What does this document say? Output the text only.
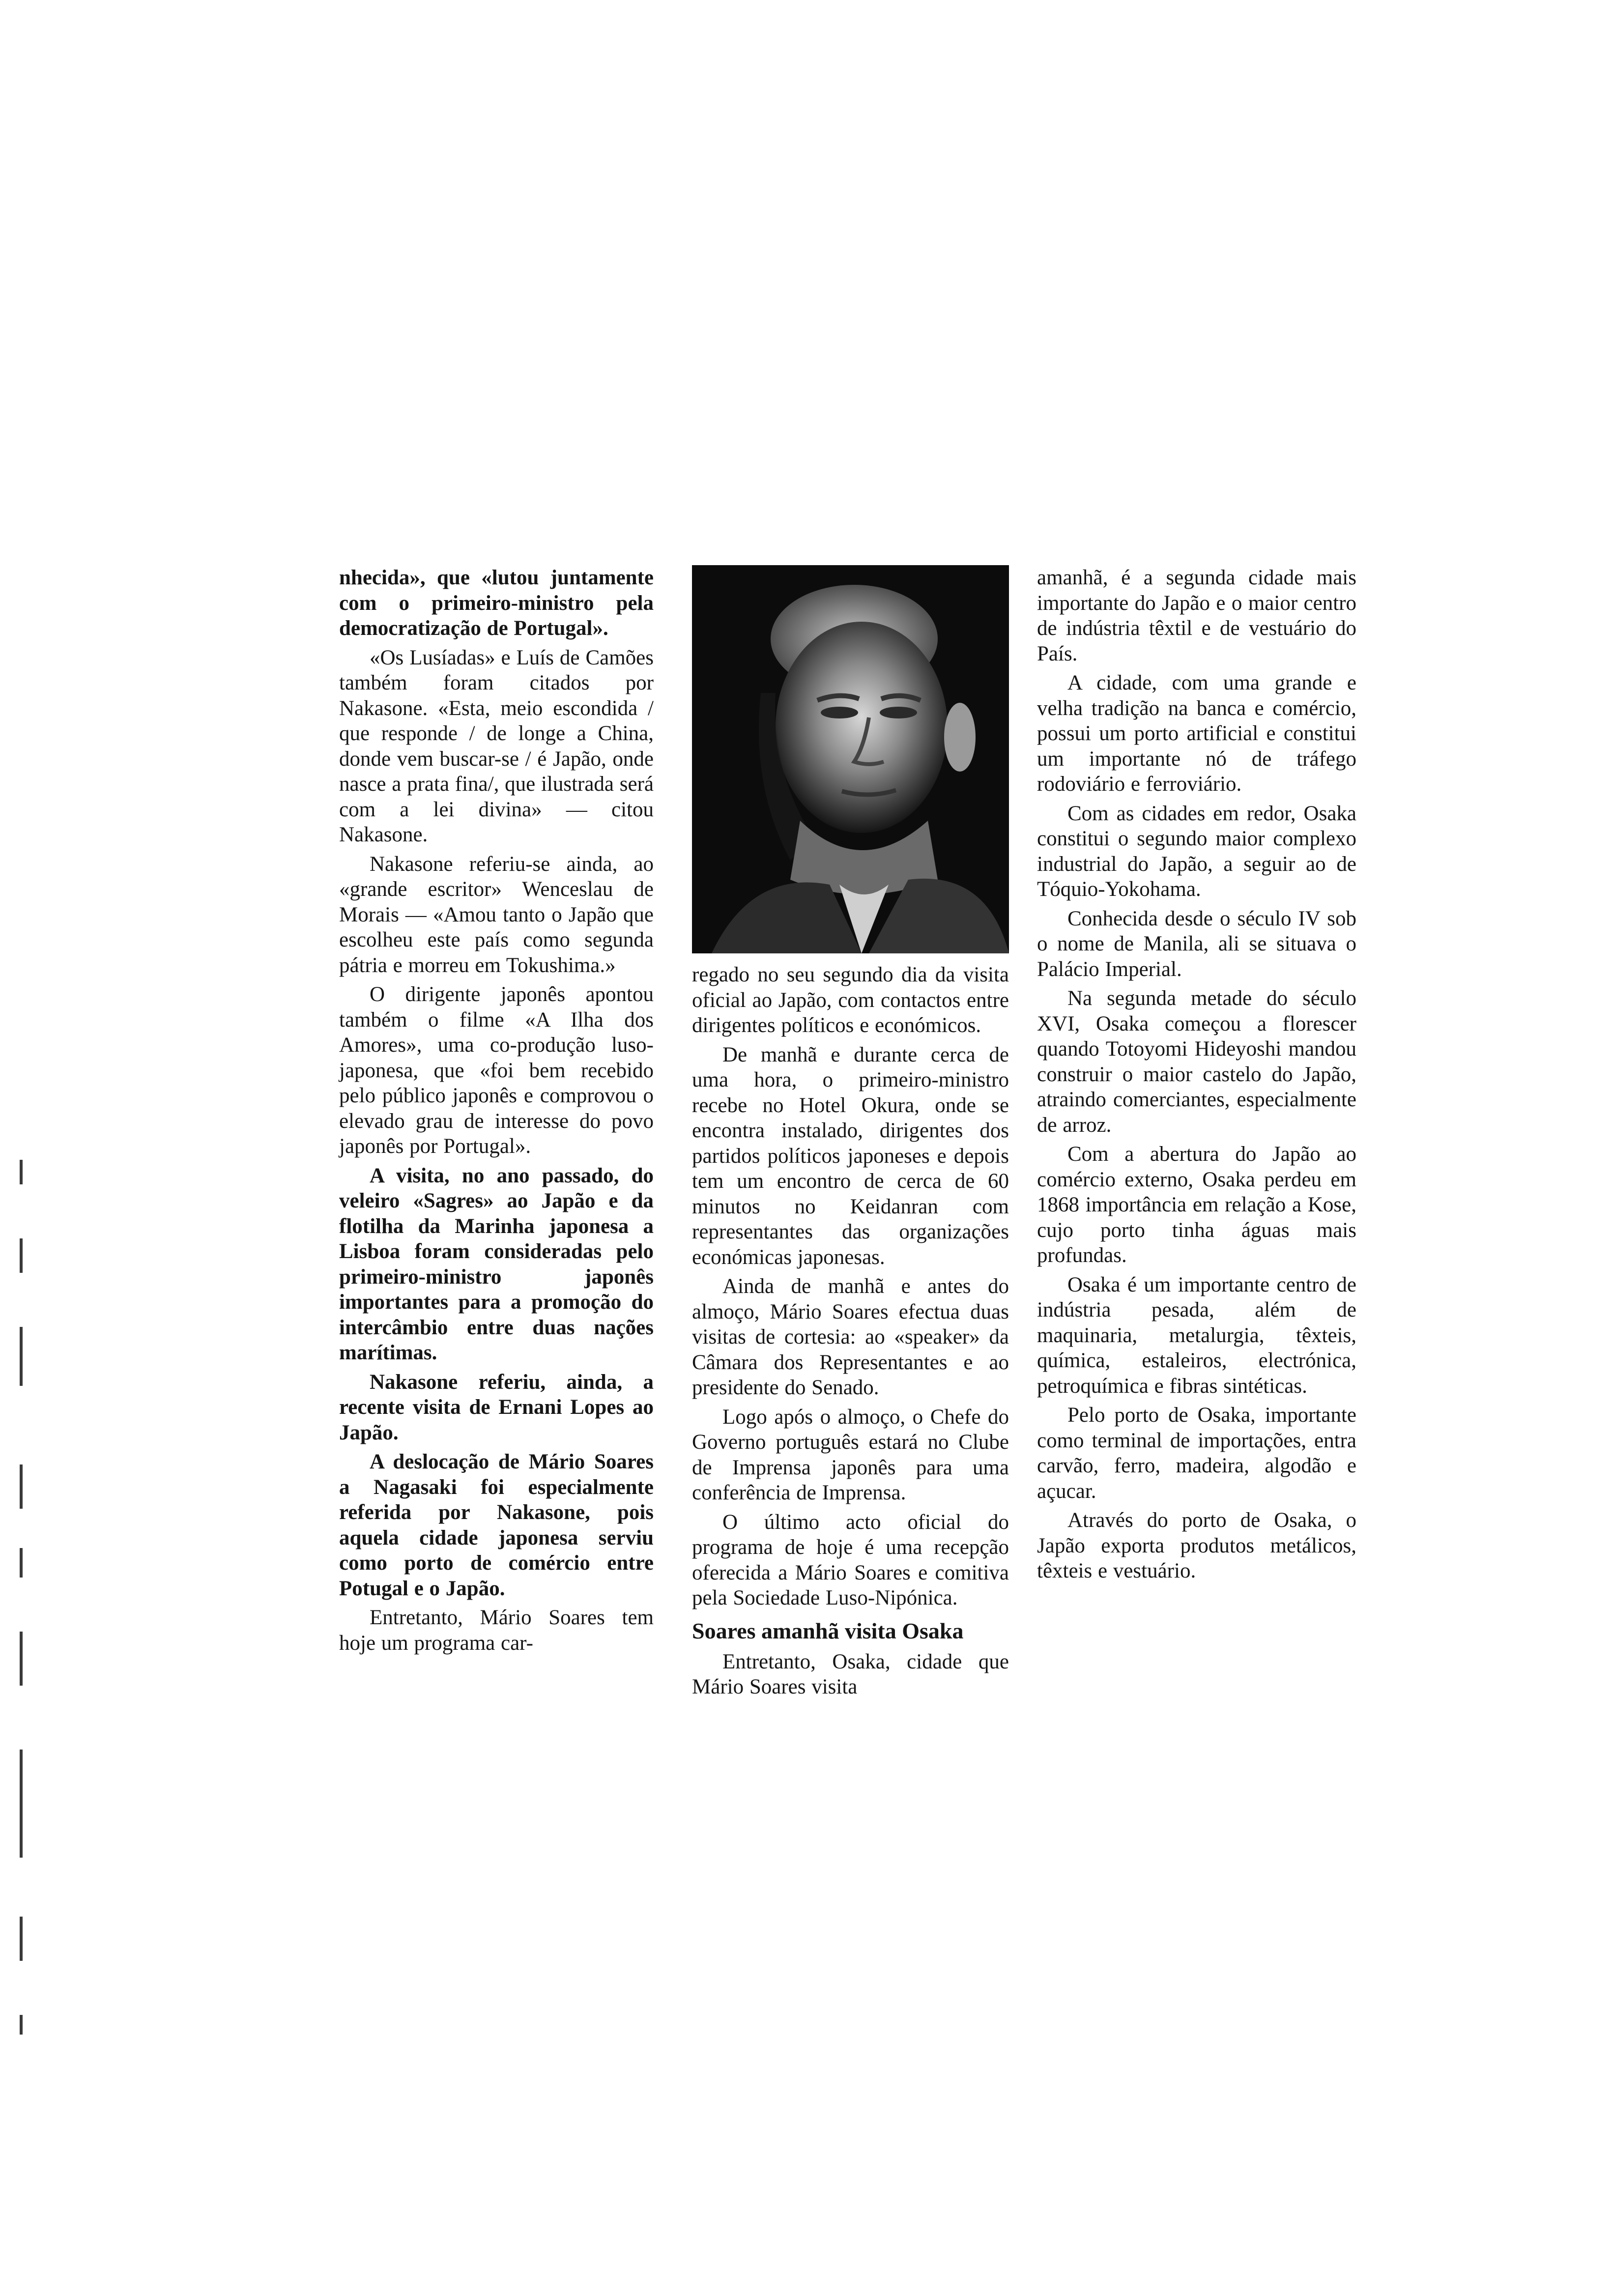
nhecida», que «lutou juntamente com o primeiro-ministro pela democratização de Portugal».

«Os Lusíadas» e Luís de Camões também foram citados por Nakasone. «Esta, meio escondida / que responde / de longe a China, donde vem buscar-se / é Japão, onde nasce a prata fina/, que ilustrada será com a lei divina» — citou Nakasone.

Nakasone referiu-se ainda, ao «grande escritor» Wenceslau de Morais — «Amou tanto o Japão que escolheu este país como segunda pátria e morreu em Tokushima.»

O dirigente japonês apontou também o filme «A Ilha dos Amores», uma co-produção luso-japonesa, que «foi bem recebido pelo público japonês e comprovou o elevado grau de interesse do povo japonês por Portugal».

A visita, no ano passado, do veleiro «Sagres» ao Japão e da flotilha da Marinha japonesa a Lisboa foram consideradas pelo primeiro-ministro japonês importantes para a promoção do intercâmbio entre duas nações marítimas.

Nakasone referiu, ainda, a recente visita de Ernani Lopes ao Japão.

A deslocação de Mário Soares a Nagasaki foi especialmente referida por Nakasone, pois aquela cidade japonesa serviu como porto de comércio entre Potugal e o Japão.

Entretanto, Mário Soares tem hoje um programa car-

regado no seu segundo dia da visita oficial ao Japão, com contactos entre dirigentes políticos e económicos.

De manhã e durante cerca de uma hora, o primeiro-ministro recebe no Hotel Okura, onde se encontra instalado, dirigentes dos partidos políticos japoneses e depois tem um encontro de cerca de 60 minutos no Keidanran com representantes das organizações económicas japonesas.

Ainda de manhã e antes do almoço, Mário Soares efectua duas visitas de cortesia: ao «speaker» da Câmara dos Representantes e ao presidente do Senado.

Logo após o almoço, o Chefe do Governo português estará no Clube de Imprensa japonês para uma conferência de Imprensa.

O último acto oficial do programa de hoje é uma recepção oferecida a Mário Soares e comitiva pela Sociedade Luso-Nipónica.

Soares amanhã visita Osaka

Entretanto, Osaka, cidade que Mário Soares visita

amanhã, é a segunda cidade mais importante do Japão e o maior centro de indústria têxtil e de vestuário do País.

A cidade, com uma grande e velha tradição na banca e comércio, possui um porto artificial e constitui um importante nó de tráfego rodoviário e ferroviário.

Com as cidades em redor, Osaka constitui o segundo maior complexo industrial do Japão, a seguir ao de Tóquio-Yokohama.

Conhecida desde o século IV sob o nome de Manila, ali se situava o Palácio Imperial.

Na segunda metade do século XVI, Osaka começou a florescer quando Totoyomi Hideyoshi mandou construir o maior castelo do Japão, atraindo comerciantes, especialmente de arroz.

Com a abertura do Japão ao comércio externo, Osaka perdeu em 1868 importância em relação a Kose, cujo porto tinha águas mais profundas.

Osaka é um importante centro de indústria pesada, além de maquinaria, metalurgia, têxteis, química, estaleiros, electrónica, petroquímica e fibras sintéticas.

Pelo porto de Osaka, importante como terminal de importações, entra carvão, ferro, madeira, algodão e açucar.

Através do porto de Osaka, o Japão exporta produtos metálicos, têxteis e vestuário.
